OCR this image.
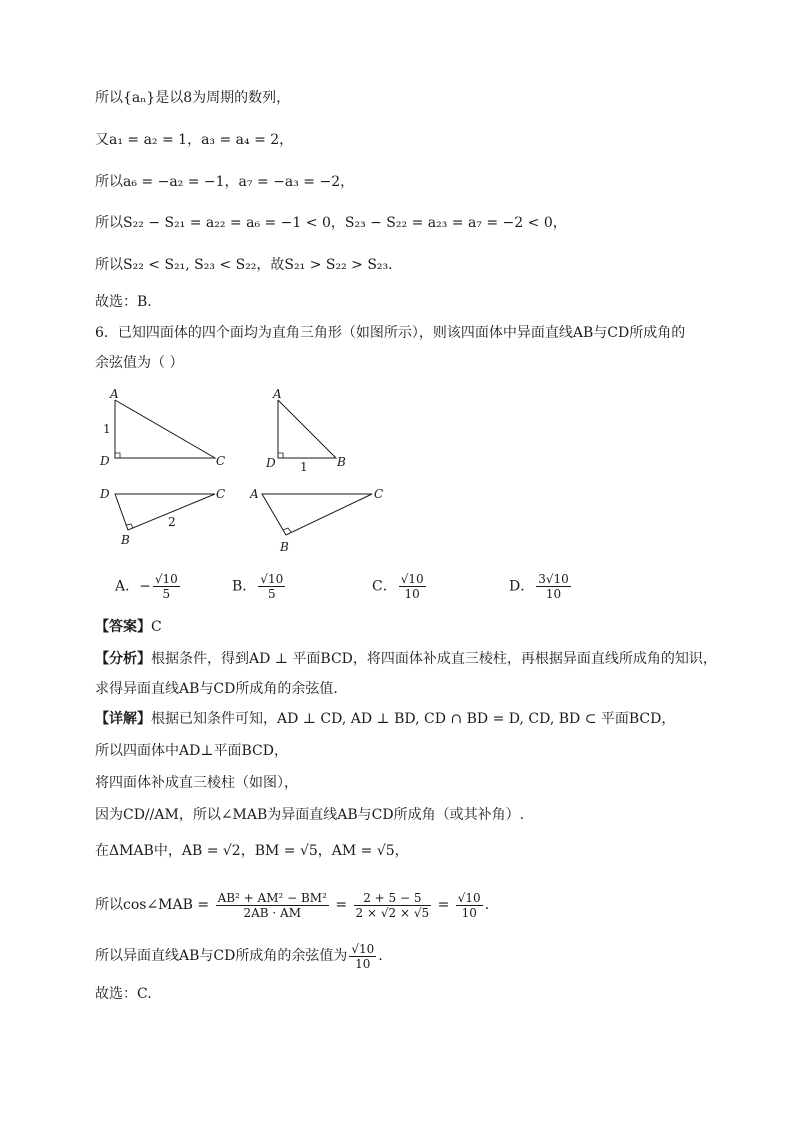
所以{aₙ}是以8为周期的数列，
又a₁ = a₂ = 1，a₃ = a₄ = 2，
所以a₆ = −a₂ = −1，a₇ = −a₃ = −2，
所以S₂₂ − S₂₁ = a₂₂ = a₆ = −1 < 0，S₂₃ − S₂₂ = a₂₃ = a₇ = −2 < 0，
所以S₂₂ < S₂₁, S₂₃ < S₂₂，故S₂₁ > S₂₂ > S₂₃.
故选：B.
6．已知四面体的四个面均为直角三角形（如图所示），则该四面体中异面直线AB与CD所成角的
余弦值为（ ）
A
D	C
1
A
D	B
1
D	C
B
2
A	C
B
A．− $\frac{√10}{5}$	B． $\frac{√10}{5}$	C． $\frac{√10}{10}$	D． $\frac{3√10}{10}$
【答案】C
【分析】根据条件，得到AD ⊥ 平面BCD，将四面体补成直三棱柱，再根据异面直线所成角的知识，
求得异面直线AB与CD所成角的余弦值.
【详解】根据已知条件可知，AD ⊥ CD, AD ⊥ BD, CD ∩ BD = D, CD, BD ⊂ 平面BCD，
所以四面体中AD⊥平面BCD，
将四面体补成直三棱柱（如图），
因为CD//AM，所以∠MAB为异面直线AB与CD所成角（或其补角）.
在ΔMAB中，AB = √2，BM = √5，AM = √5，
所以cos∠MAB = $\frac{\text{AB² + AM² − BM²}}{2AB \cdot AM} = \frac{2 + 5 - 5}{2 \times √2 \times √5} = \frac{√10}{10}$ .
所以异面直线AB与CD所成角的余弦值为 $\frac{√10}{10}$ .
故选：C.
